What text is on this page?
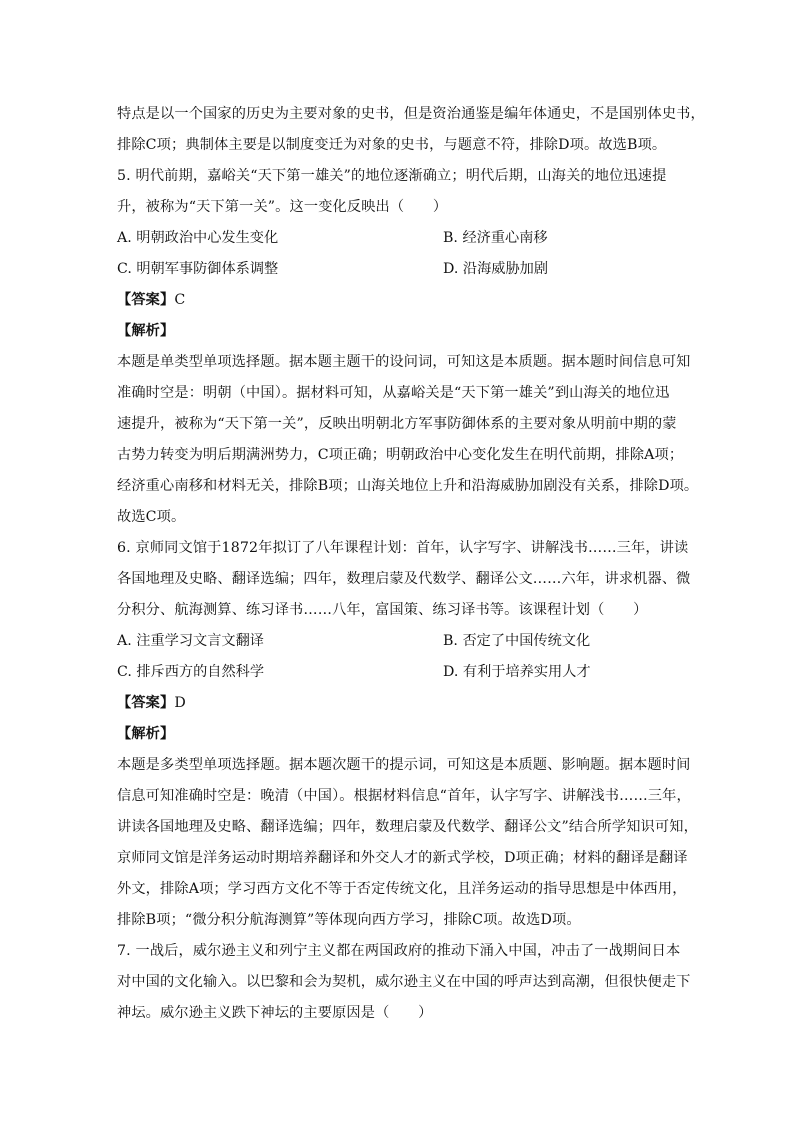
特点是以一个国家的历史为主要对象的史书，但是资治通鉴是编年体通史，不是国别体史书，
排除C项；典制体主要是以制度变迁为对象的史书，与题意不符，排除D项。故选B项。
5. 明代前期，嘉峪关“天下第一雄关”的地位逐渐确立；明代后期，山海关的地位迅速提
升，被称为“天下第一关”。这一变化反映出（　　）
A. 明朝政治中心发生变化	B. 经济重心南移
C. 明朝军事防御体系调整	D. 沿海威胁加剧
【答案】C
【解析】
本题是单类型单项选择题。据本题主题干的设问词，可知这是本质题。据本题时间信息可知
准确时空是：明朝（中国）。据材料可知，从嘉峪关是“天下第一雄关”到山海关的地位迅
速提升，被称为“天下第一关”，反映出明朝北方军事防御体系的主要对象从明前中期的蒙
古势力转变为明后期满洲势力，C项正确；明朝政治中心变化发生在明代前期，排除A项；
经济重心南移和材料无关，排除B项；山海关地位上升和沿海威胁加剧没有关系，排除D项。
故选C项。
6. 京师同文馆于1872年拟订了八年课程计划：首年，认字写字、讲解浅书……三年，讲读
各国地理及史略、翻译选编；四年，数理启蒙及代数学、翻译公文……六年，讲求机器、微
分积分、航海测算、练习译书……八年，富国策、练习译书等。该课程计划（　　）
A. 注重学习文言文翻译	B. 否定了中国传统文化
C. 排斥西方的自然科学	D. 有利于培养实用人才
【答案】D
【解析】
本题是多类型单项选择题。据本题次题干的提示词，可知这是本质题、影响题。据本题时间
信息可知准确时空是：晚清（中国）。根据材料信息“首年，认字写字、讲解浅书……三年，
讲读各国地理及史略、翻译选编；四年，数理启蒙及代数学、翻译公文”结合所学知识可知，
京师同文馆是洋务运动时期培养翻译和外交人才的新式学校，D项正确；材料的翻译是翻译
外文，排除A项；学习西方文化不等于否定传统文化，且洋务运动的指导思想是中体西用，
排除B项；“微分积分航海测算”等体现向西方学习，排除C项。故选D项。
7. 一战后，威尔逊主义和列宁主义都在两国政府的推动下涌入中国，冲击了一战期间日本
对中国的文化输入。以巴黎和会为契机，威尔逊主义在中国的呼声达到高潮，但很快便走下
神坛。威尔逊主义跌下神坛的主要原因是（　　）
